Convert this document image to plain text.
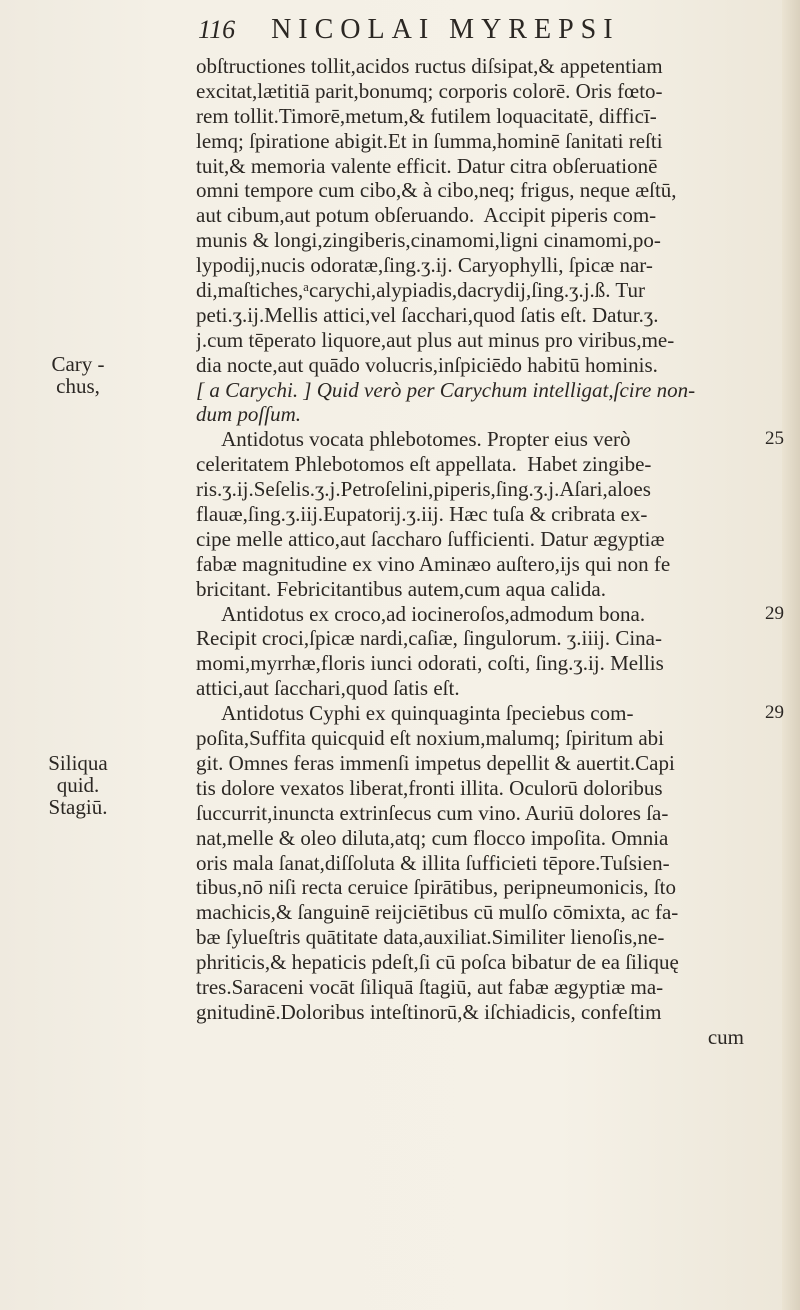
116 NICOLAI MYREPSI
Cary -
chus,
Siliqua
quid.
Stagiū.
obſtructiones tollit,acidos ructus diſsipat,& appetentiam
excitat,lætitiā parit,bonumq; corporis colorē. Oris fœto-
rem tollit.Timorē,metum,& futilem loquacitatē, difficī-
lemq; ſpiratione abigit.Et in ſumma,hominē ſanitati reſti
tuit,& memoria valente efficit. Datur citra obſeruationē
omni tempore cum cibo,& à cibo,neq; frigus, neque æſtū,
aut cibum,aut potum obſeruando.  Accipit piperis com-
munis & longi,zingiberis,cinamomi,ligni cinamomi,po-
lypodij,nucis odoratæ,ſing.ʒ.ij. Caryophylli, ſpicæ nar-
di,maſtiches,ᵃcarychi,alypiadis,dacrydij,ſing.ʒ.j.ß. Tur
peti.ʒ.ij.Mellis attici,vel ſacchari,quod ſatis eſt. Datur.ʒ.
j.cum tēperato liquore,aut plus aut minus pro viribus,me-
dia nocte,aut quādo volucris,inſpiciēdo habitū hominis.
[ a Carychi. ] Quid verò per Carychum intelligat,ſcire non-
dum poſſum.
Antidotus vocata phlebotomes. Propter eius verò	25
celeritatem Phlebotomos eſt appellata.  Habet zingibe-
ris.ʒ.ij.Seſelis.ʒ.j.Petroſelini,piperis,ſing.ʒ.j.Aſari,aloes
flauæ,ſing.ʒ.iij.Eupatorij.ʒ.iij. Hæc tuſa & cribrata ex-
cipe melle attico,aut ſaccharo ſufficienti. Datur ægyptiæ
fabæ magnitudine ex vino Aminæo auſtero,ijs qui non fe
bricitant. Febricitantibus autem,cum aqua calida.
Antidotus ex croco,ad iocineroſos,admodum bona.	29
Recipit croci,ſpicæ nardi,caſiæ, ſingulorum. ʒ.iiij. Cina-
momi,myrrhæ,floris iunci odorati, coſti, ſing.ʒ.ij. Mellis
attici,aut ſacchari,quod ſatis eſt.
Antidotus Cyphi ex quinquaginta ſpeciebus com-	29
poſita,Suffita quicquid eſt noxium,malumq; ſpiritum abi
git. Omnes feras immenſi impetus depellit & auertit.Capi
tis dolore vexatos liberat,fronti illita. Oculorū doloribus
ſuccurrit,inuncta extrinſecus cum vino. Auriū dolores ſa-
nat,melle & oleo diluta,atq; cum flocco impoſita. Omnia
oris mala ſanat,diſſoluta & illita ſufficieti tēpore.Tuſsien-
tibus,nō niſi recta ceruice ſpirātibus, peripneumonicis, ſto
machicis,& ſanguinē reijciētibus cū mulſo cōmixta, ac fa-
bæ ſylueſtris quātitate data,auxiliat.Similiter lienoſis,ne-
phriticis,& hepaticis pdeſt,ſi cū poſca bibatur de ea ſiliquę
tres.Saraceni vocāt ſiliquā ſtagiū, aut fabæ ægyptiæ ma-
gnitudinē.Doloribus inteſtinorū,& iſchiadicis, confeſtim
cum
